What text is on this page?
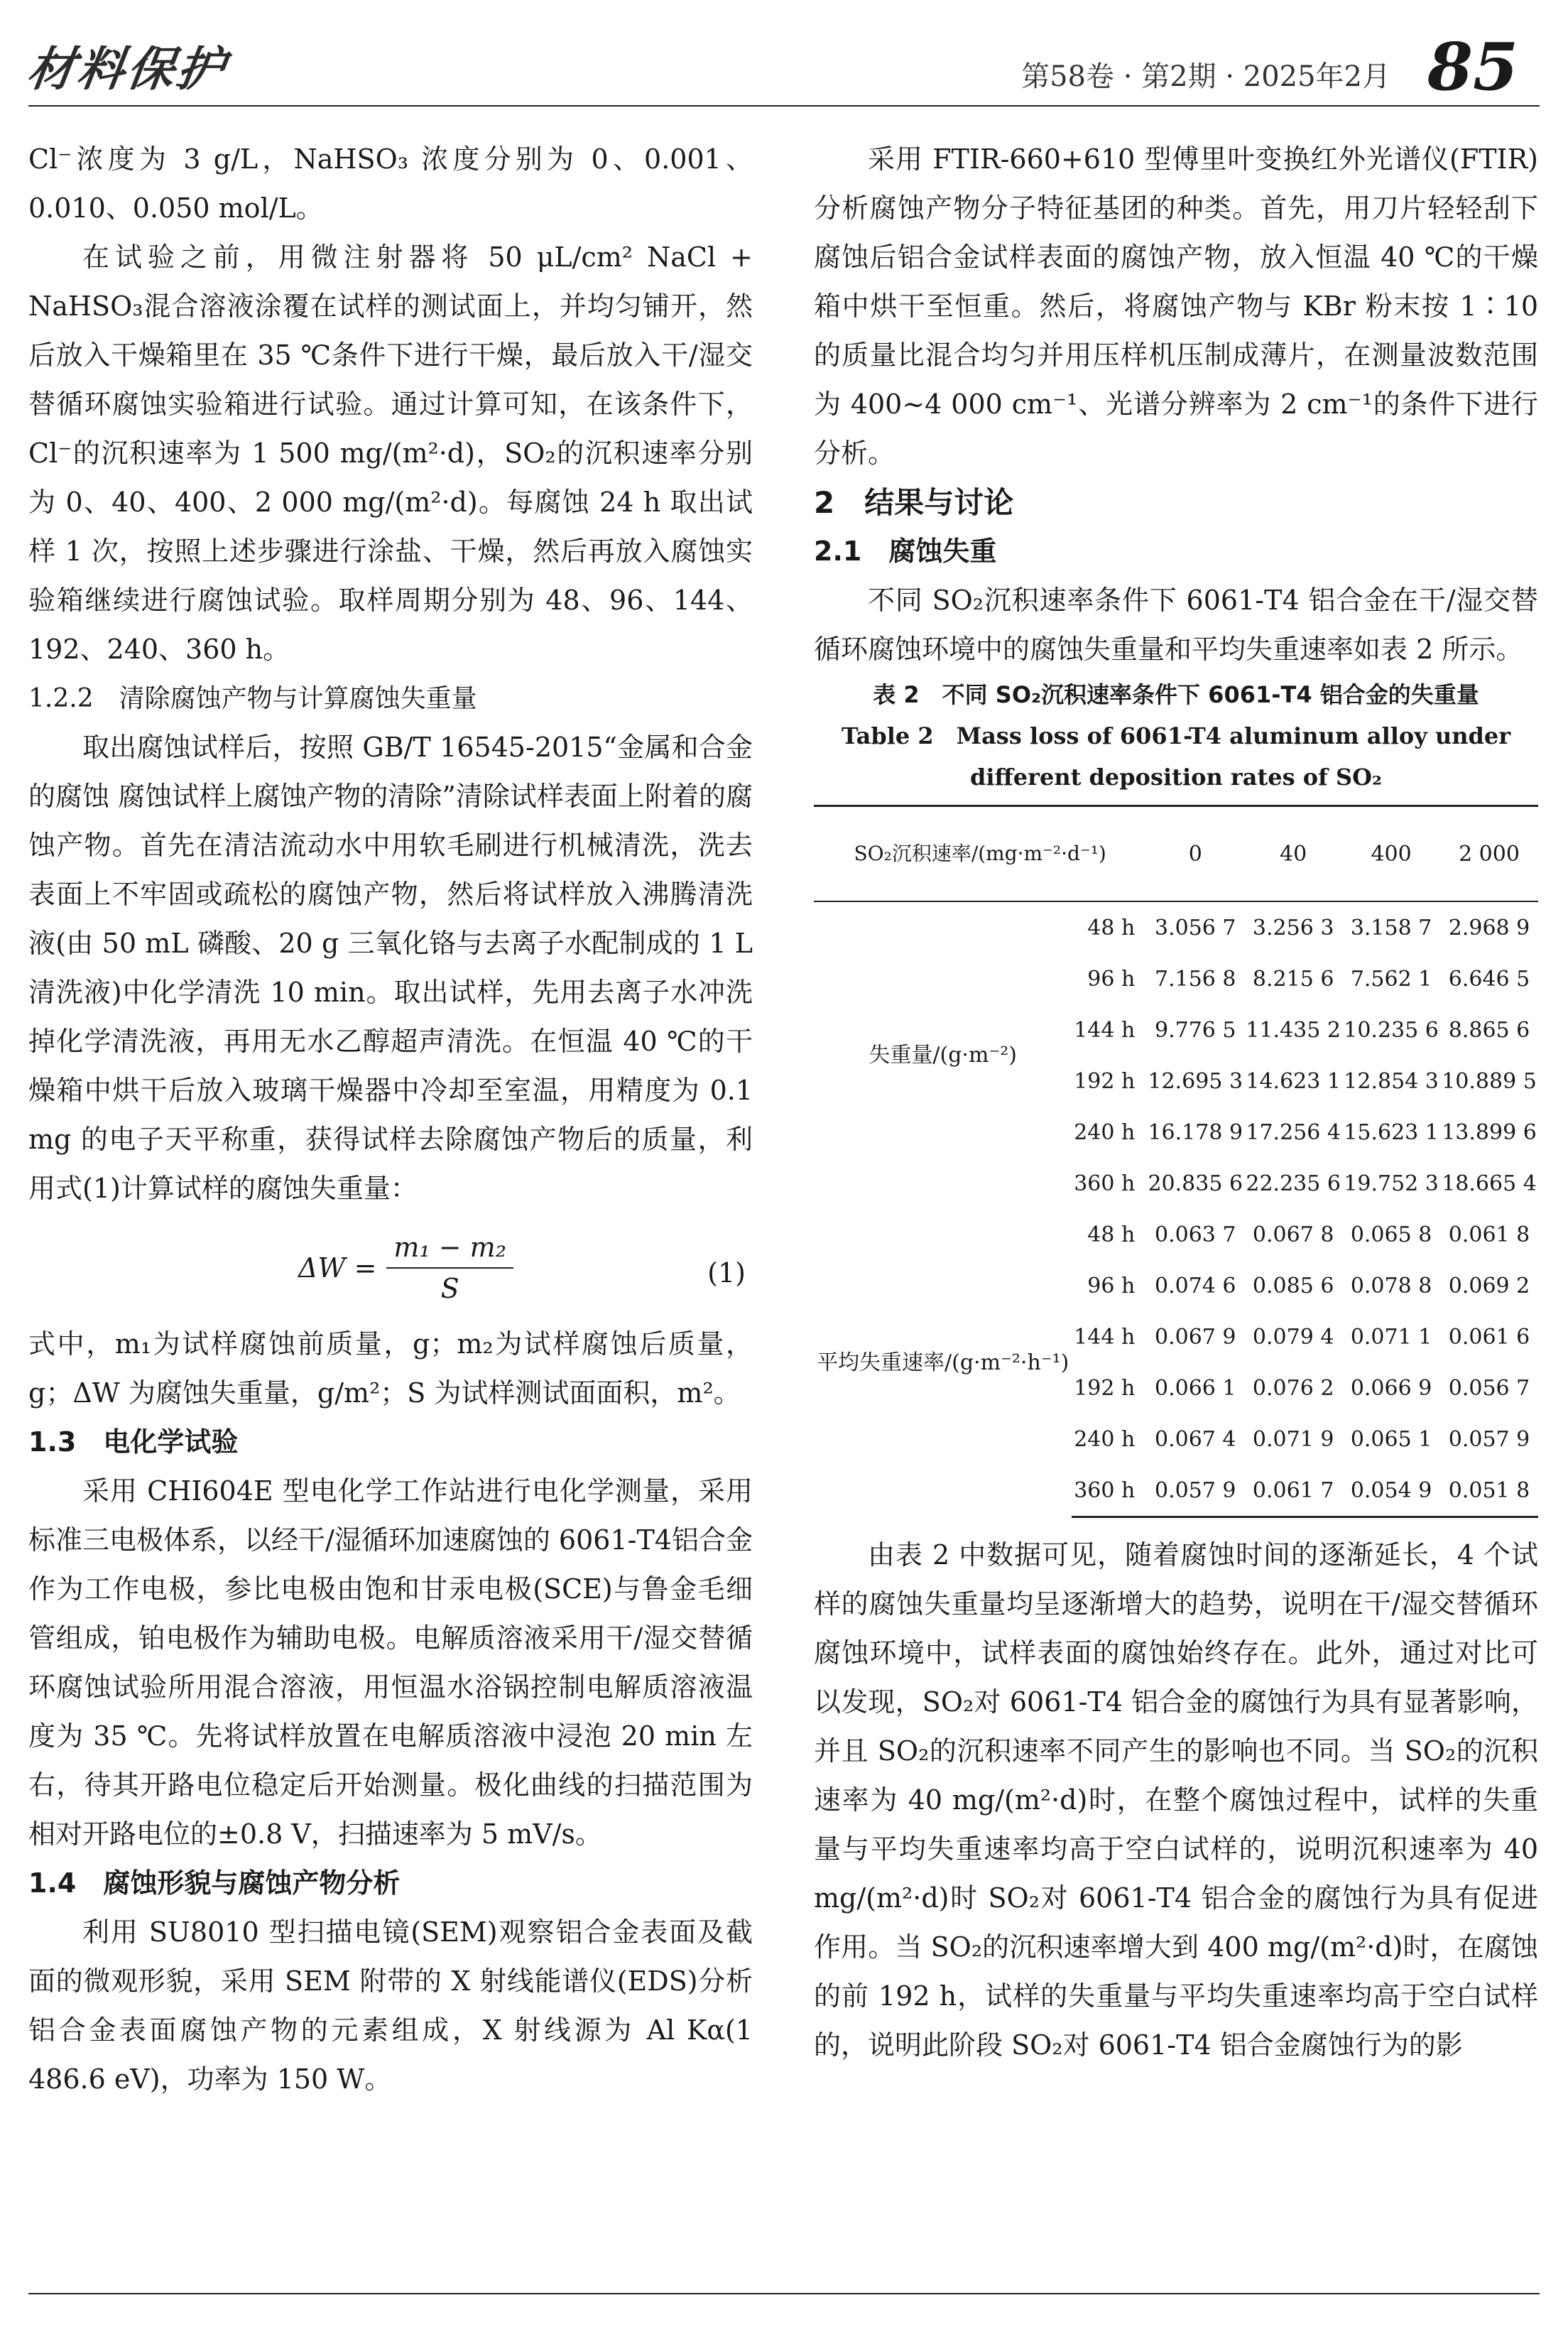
材料保护	第58卷 · 第2期 · 2025年2月 85

Cl⁻浓度为 3 g/L，NaHSO₃ 浓度分别为 0、0.001、0.010、0.050 mol/L。

在试验之前，用微注射器将 50 μL/cm² NaCl + NaHSO₃混合溶液涂覆在试样的测试面上，并均匀铺开，然后放入干燥箱里在 35 ℃条件下进行干燥，最后放入干/湿交替循环腐蚀实验箱进行试验。通过计算可知，在该条件下，Cl⁻的沉积速率为 1 500 mg/(m²·d)，SO₂的沉积速率分别为 0、40、400、2 000 mg/(m²·d)。每腐蚀 24 h 取出试样 1 次，按照上述步骤进行涂盐、干燥，然后再放入腐蚀实验箱继续进行腐蚀试验。取样周期分别为 48、96、144、192、240、360 h。

1.2.2　清除腐蚀产物与计算腐蚀失重量

取出腐蚀试样后，按照 GB/T 16545-2015“金属和合金的腐蚀 腐蚀试样上腐蚀产物的清除”清除试样表面上附着的腐蚀产物。首先在清洁流动水中用软毛刷进行机械清洗，洗去表面上不牢固或疏松的腐蚀产物，然后将试样放入沸腾清洗液(由 50 mL 磷酸、20 g 三氧化铬与去离子水配制成的 1 L 清洗液)中化学清洗 10 min。取出试样，先用去离子水冲洗掉化学清洗液，再用无水乙醇超声清洗。在恒温 40 ℃的干燥箱中烘干后放入玻璃干燥器中冷却至室温，用精度为 0.1 mg 的电子天平称重，获得试样去除腐蚀产物后的质量，利用式(1)计算试样的腐蚀失重量：

$\Delta W = \frac{\text{m₁ − m₂}}{S}$	(1)

式中，m₁为试样腐蚀前质量，g；m₂为试样腐蚀后质量，g；ΔW 为腐蚀失重量，g/m²；S 为试样测试面面积，m²。

1.3　电化学试验

采用 CHI604E 型电化学工作站进行电化学测量，采用标准三电极体系，以经干/湿循环加速腐蚀的 6061-T4铝合金作为工作电极，参比电极由饱和甘汞电极(SCE)与鲁金毛细管组成，铂电极作为辅助电极。电解质溶液采用干/湿交替循环腐蚀试验所用混合溶液，用恒温水浴锅控制电解质溶液温度为 35 ℃。先将试样放置在电解质溶液中浸泡 20 min 左右，待其开路电位稳定后开始测量。极化曲线的扫描范围为相对开路电位的±0.8 V，扫描速率为 5 mV/s。

1.4　腐蚀形貌与腐蚀产物分析

利用 SU8010 型扫描电镜(SEM)观察铝合金表面及截面的微观形貌，采用 SEM 附带的 X 射线能谱仪(EDS)分析铝合金表面腐蚀产物的元素组成，X 射线源为 Al Kα(1 486.6 eV)，功率为 150 W。

采用 FTIR-660+610 型傅里叶变换红外光谱仪(FTIR)分析腐蚀产物分子特征基团的种类。首先，用刀片轻轻刮下腐蚀后铝合金试样表面的腐蚀产物，放入恒温 40 ℃的干燥箱中烘干至恒重。然后，将腐蚀产物与 KBr 粉末按 1∶10 的质量比混合均匀并用压样机压制成薄片，在测量波数范围为 400~4 000 cm⁻¹、光谱分辨率为 2 cm⁻¹的条件下进行分析。

2　结果与讨论

2.1　腐蚀失重

不同 SO₂沉积速率条件下 6061-T4 铝合金在干/湿交替循环腐蚀环境中的腐蚀失重量和平均失重速率如表 2 所示。

表 2　不同 SO₂沉积速率条件下 6061-T4 铝合金的失重量
Table 2　Mass loss of 6061-T4 aluminum alloy under
different deposition rates of SO₂
SO₂沉积速率/(mg·m⁻²·d⁻¹)		0	40	400	2 000
失重量/(g·m⁻²)	48 h	3.056 7	3.256 3	3.158 7	2.968 9
	96 h	7.156 8	8.215 6	7.562 1	6.646 5
	144 h	9.776 5	11.435 2	10.235 6	8.865 6
	192 h	12.695 3	14.623 1	12.854 3	10.889 5
	240 h	16.178 9	17.256 4	15.623 1	13.899 6
	360 h	20.835 6	22.235 6	19.752 3	18.665 4
平均失重速率/(g·m⁻²·h⁻¹)	48 h	0.063 7	0.067 8	0.065 8	0.061 8
	96 h	0.074 6	0.085 6	0.078 8	0.069 2
	144 h	0.067 9	0.079 4	0.071 1	0.061 6
	192 h	0.066 1	0.076 2	0.066 9	0.056 7
	240 h	0.067 4	0.071 9	0.065 1	0.057 9
	360 h	0.057 9	0.061 7	0.054 9	0.051 8

由表 2 中数据可见，随着腐蚀时间的逐渐延长，4 个试样的腐蚀失重量均呈逐渐增大的趋势，说明在干/湿交替循环腐蚀环境中，试样表面的腐蚀始终存在。此外，通过对比可以发现，SO₂对 6061-T4 铝合金的腐蚀行为具有显著影响，并且 SO₂的沉积速率不同产生的影响也不同。当 SO₂的沉积速率为 40 mg/(m²·d)时，在整个腐蚀过程中，试样的失重量与平均失重速率均高于空白试样的，说明沉积速率为 40 mg/(m²·d)时 SO₂对 6061-T4 铝合金的腐蚀行为具有促进作用。当 SO₂的沉积速率增大到 400 mg/(m²·d)时，在腐蚀的前 192 h，试样的失重量与平均失重速率均高于空白试样的，说明此阶段 SO₂对 6061-T4 铝合金腐蚀行为的影
